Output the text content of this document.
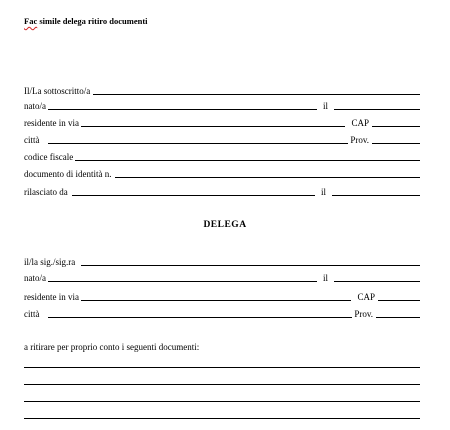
Fac simile delega ritiro documenti
Il/La sottoscritto/a
nato/a	il
residente in via	CAP
città	Prov.
codice fiscale
documento di identità n.
rilasciato da	il
DELEGA
il/la sig./sig.ra
nato/a	il
residente in via	CAP
città	Prov.
a ritirare per proprio conto i seguenti documenti:
